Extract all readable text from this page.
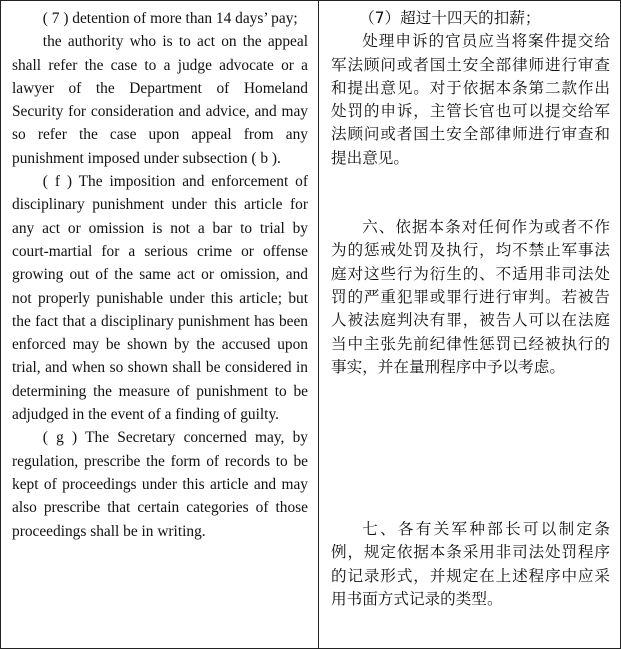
( 7 ) detention of more than 14 days’ pay;

the authority who is to act on the appeal shall refer the case to a judge advocate or a lawyer of the Department of Homeland Security for consideration and advice, and may so refer the case upon appeal from any punishment imposed under subsection ( b ).

( f ) The imposition and enforcement of disciplinary punishment under this article for any act or omission is not a bar to trial by court-martial for a serious crime or offense growing out of the same act or omission, and not properly punishable under this article; but the fact that a disciplinary punishment has been enforced may be shown by the accused upon trial, and when so shown shall be considered in determining the measure of punishment to be adjudged in the event of a finding of guilty.

( g ) The Secretary concerned may, by regulation, prescribe the form of records to be kept of proceedings under this article and may also prescribe that certain categories of those proceedings shall be in writing.

（7）超过十四天的扣薪；

处理申诉的官员应当将案件提交给军法顾问或者国土安全部律师进行审查和提出意见。对于依据本条第二款作出处罚的申诉，主管长官也可以提交给军法顾问或者国土安全部律师进行审查和提出意见。

六、依据本条对任何作为或者不作为的惩戒处罚及执行，均不禁止军事法庭对这些行为衍生的、不适用非司法处罚的严重犯罪或罪行进行审判。若被告人被法庭判决有罪，被告人可以在法庭当中主张先前纪律性惩罚已经被执行的事实，并在量刑程序中予以考虑。

七、各有关军种部长可以制定条例，规定依据本条采用非司法处罚程序的记录形式，并规定在上述程序中应采用书面方式记录的类型。
